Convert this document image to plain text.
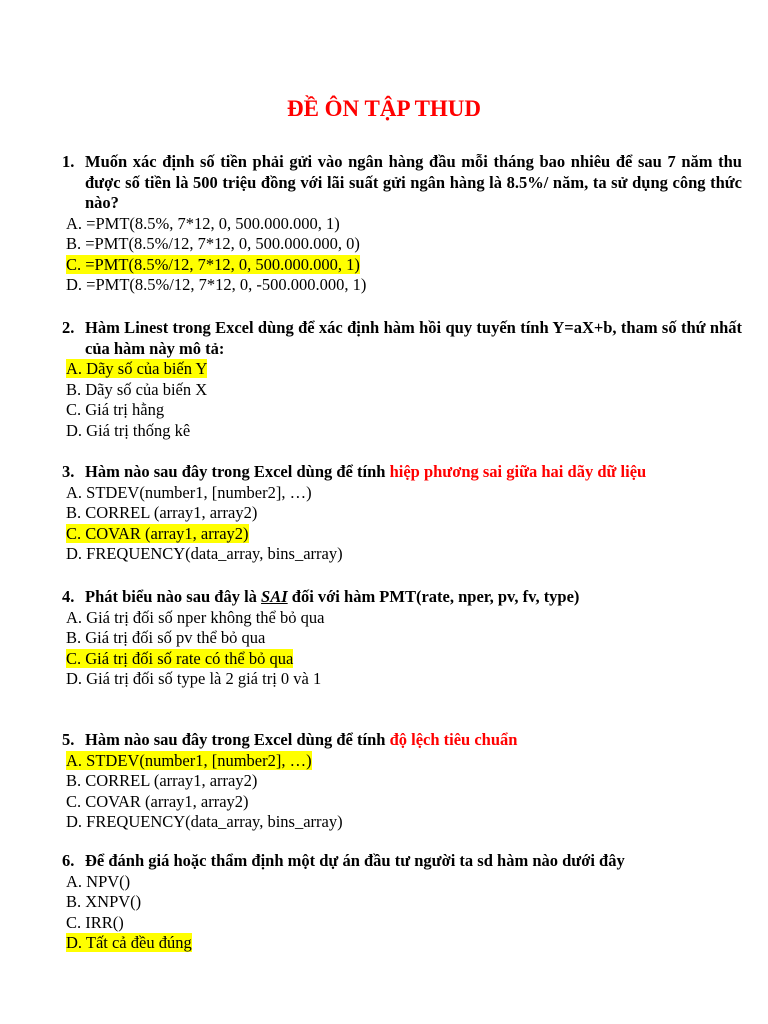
ĐỀ ÔN TẬP THUD
1. Muốn xác định số tiền phải gửi vào ngân hàng đầu mỗi tháng bao nhiêu để sau 7 năm thu được số tiền là 500 triệu đồng với lãi suất gửi ngân hàng là 8.5%/ năm, ta sử dụng công thức nào?
A. =PMT(8.5%, 7*12, 0, 500.000.000, 1)
B. =PMT(8.5%/12, 7*12, 0, 500.000.000, 0)
C. =PMT(8.5%/12, 7*12, 0, 500.000.000, 1)
D. =PMT(8.5%/12, 7*12, 0, -500.000.000, 1)
2. Hàm Linest trong Excel dùng để xác định hàm hồi quy tuyến tính Y=aX+b, tham số thứ nhất của hàm này mô tả:
A. Dãy số của biến Y
B. Dãy số của biến X
C. Giá trị hằng
D. Giá trị thống kê
3. Hàm nào sau đây trong Excel dùng để tính hiệp phương sai giữa hai dãy dữ liệu
A. STDEV(number1, [number2], …)
B. CORREL (array1, array2)
C. COVAR (array1, array2)
D. FREQUENCY(data_array, bins_array)
4. Phát biểu nào sau đây là SAI đối với hàm PMT(rate, nper, pv, fv, type)
A. Giá trị đối số nper không thể bỏ qua
B. Giá trị đối số pv thể bỏ qua
C. Giá trị đối số rate có thể bỏ qua
D. Giá trị đối số type là 2 giá trị 0 và 1
5. Hàm nào sau đây trong Excel dùng để tính độ lệch tiêu chuẩn
A. STDEV(number1, [number2], …)
B. CORREL (array1, array2)
C. COVAR (array1, array2)
D. FREQUENCY(data_array, bins_array)
6. Để đánh giá hoặc thẩm định một dự án đầu tư người ta sd hàm nào dưới đây
A. NPV()
B. XNPV()
C. IRR()
D. Tất cả đều đúng
